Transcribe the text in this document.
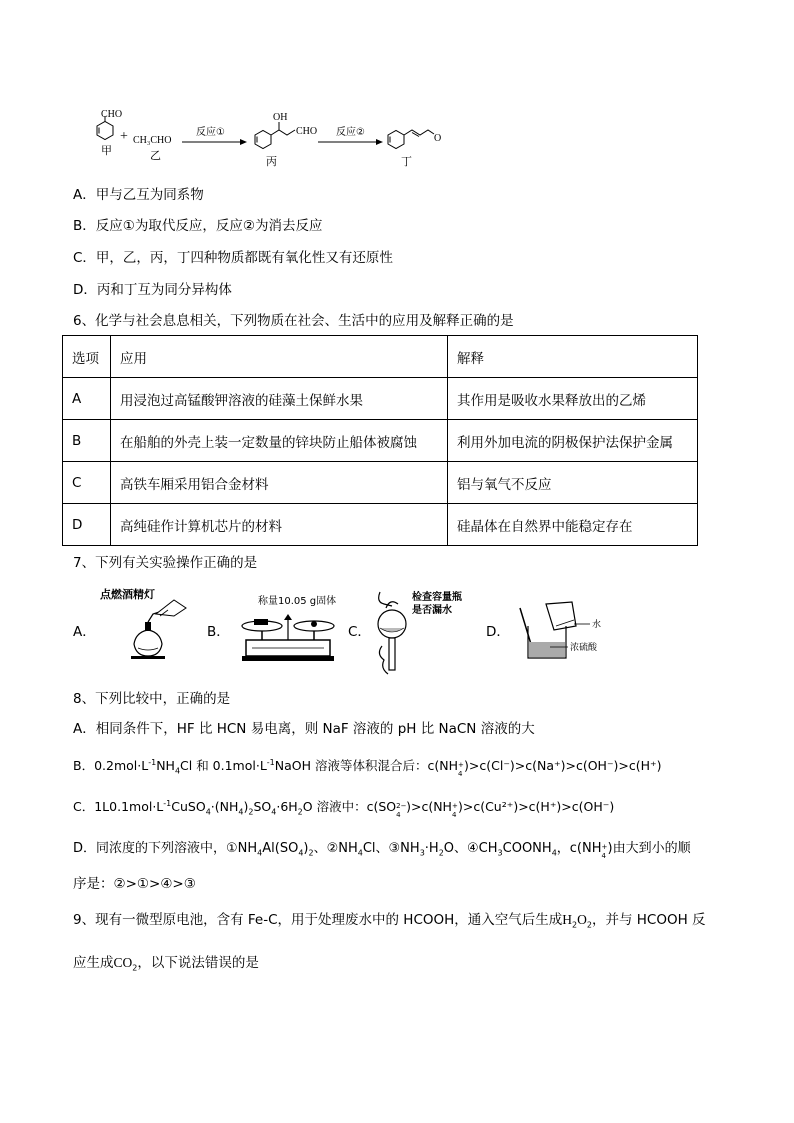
CHO
甲
+ CH₃CHO
乙
反应①
OH
CHO
丙
反应②
O
丁
A．甲与乙互为同系物
B．反应①为取代反应，反应②为消去反应
C．甲，乙，丙，丁四种物质都既有氧化性又有还原性
D．丙和丁互为同分异构体
6、化学与社会息息相关，下列物质在社会、生活中的应用及解释正确的是
选项	应用	解释
A	用浸泡过高锰酸钾溶液的硅藻土保鲜水果	其作用是吸收水果释放出的乙烯
B	在船舶的外壳上装一定数量的锌块防止船体被腐蚀	利用外加电流的阴极保护法保护金属
C	高铁车厢采用铝合金材料	铝与氧气不反应
D	高纯硅作计算机芯片的材料	硅晶体在自然界中能稳定存在
7、下列有关实验操作正确的是
A．
点燃酒精灯
B．
称量10.05 g固体
C．
检查容量瓶
是否漏水
D．	水
浓硫酸
8、下列比较中，正确的是
A．相同条件下，HF 比 HCN 易电离，则 NaF 溶液的 pH 比 NaCN 溶液的大
B．$0.2mol\cdot L^{-1}NH_4Cl$ 和 $0.1mol\cdot L^{-1}NaOH$ 溶液等体积混合后：c(NH +
4
)>c(Cl⁻)>c(Na⁺)>c(OH⁻)>c(H⁺)
C．$1L0.1mol\cdot L^{-1}CuSO_4\cdot(NH_4)_2SO_4\cdot 6H_2O$ 溶液中：c(SO 2−
4
)>c(NH +
4
)>c(Cu²⁺)>c(H⁺)>c(OH⁻)
D．同浓度的下列溶液中，$①NH_4Al(SO_4)_2$、$②NH_4Cl$、$③NH_3\cdot H_2O$、$④CH_3COONH_4$，c(NH +
4 )由大到小的顺
序是：②>①>④>③
9、现有一微型原电池，含有 Fe-C，用于处理废水中的 HCOOH，通入空气后生成$H_2O_2$，并与 HCOOH 反
应生成$CO_2$，以下说法错误的是
